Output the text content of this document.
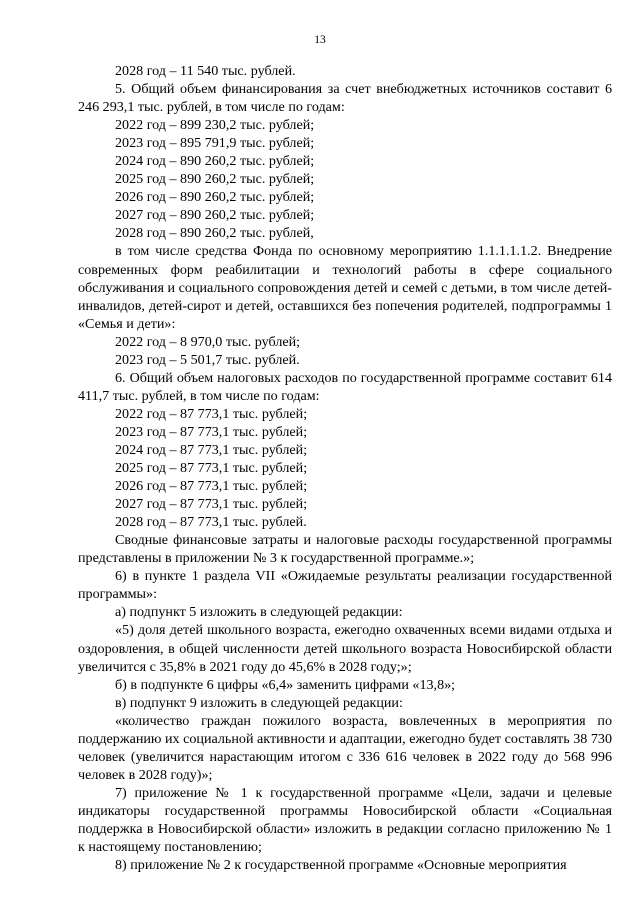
13

2028 год – 11 540 тыс. рублей.

5. Общий объем финансирования за счет внебюджетных источников составит 6 246 293,1 тыс. рублей, в том числе по годам:

2022 год – 899 230,2 тыс. рублей;

2023 год – 895 791,9 тыс. рублей;

2024 год – 890 260,2 тыс. рублей;

2025 год – 890 260,2 тыс. рублей;

2026 год – 890 260,2 тыс. рублей;

2027 год – 890 260,2 тыс. рублей;

2028 год – 890 260,2 тыс. рублей,

в том числе средства Фонда по основному мероприятию 1.1.1.1.1.2. Внедрение современных форм реабилитации и технологий работы в сфере социального обслуживания и социального сопровождения детей и семей с детьми, в том числе детей-инвалидов, детей-сирот и детей, оставшихся без попечения родителей, подпрограммы 1 «Семья и дети»:

2022 год – 8 970,0 тыс. рублей;

2023 год – 5 501,7 тыс. рублей.

6. Общий объем налоговых расходов по государственной программе составит 614 411,7 тыс. рублей, в том числе по годам:

2022 год – 87 773,1 тыс. рублей;

2023 год – 87 773,1 тыс. рублей;

2024 год – 87 773,1 тыс. рублей;

2025 год – 87 773,1 тыс. рублей;

2026 год – 87 773,1 тыс. рублей;

2027 год – 87 773,1 тыс. рублей;

2028 год – 87 773,1 тыс. рублей.

Сводные финансовые затраты и налоговые расходы государственной программы представлены в приложении № 3 к государственной программе.»;

6) в пункте 1 раздела VII «Ожидаемые результаты реализации государственной программы»:

а) подпункт 5 изложить в следующей редакции:

«5) доля детей школьного возраста, ежегодно охваченных всеми видами отдыха и оздоровления, в общей численности детей школьного возраста Новосибирской области увеличится с 35,8% в 2021 году до 45,6% в 2028 году;»;

б) в подпункте 6 цифры «6,4» заменить цифрами «13,8»;

в) подпункт 9 изложить в следующей редакции:

«количество граждан пожилого возраста, вовлеченных в мероприятия по поддержанию их социальной активности и адаптации, ежегодно будет составлять 38 730 человек (увеличится нарастающим итогом с 336 616 человек в 2022 году до 568 996 человек в 2028 году)»;

7) приложение № 1 к государственной программе «Цели, задачи и целевые индикаторы государственной программы Новосибирской области «Социальная поддержка в Новосибирской области» изложить в редакции согласно приложению № 1 к настоящему постановлению;

8) приложение № 2 к государственной программе «Основные мероприятия
